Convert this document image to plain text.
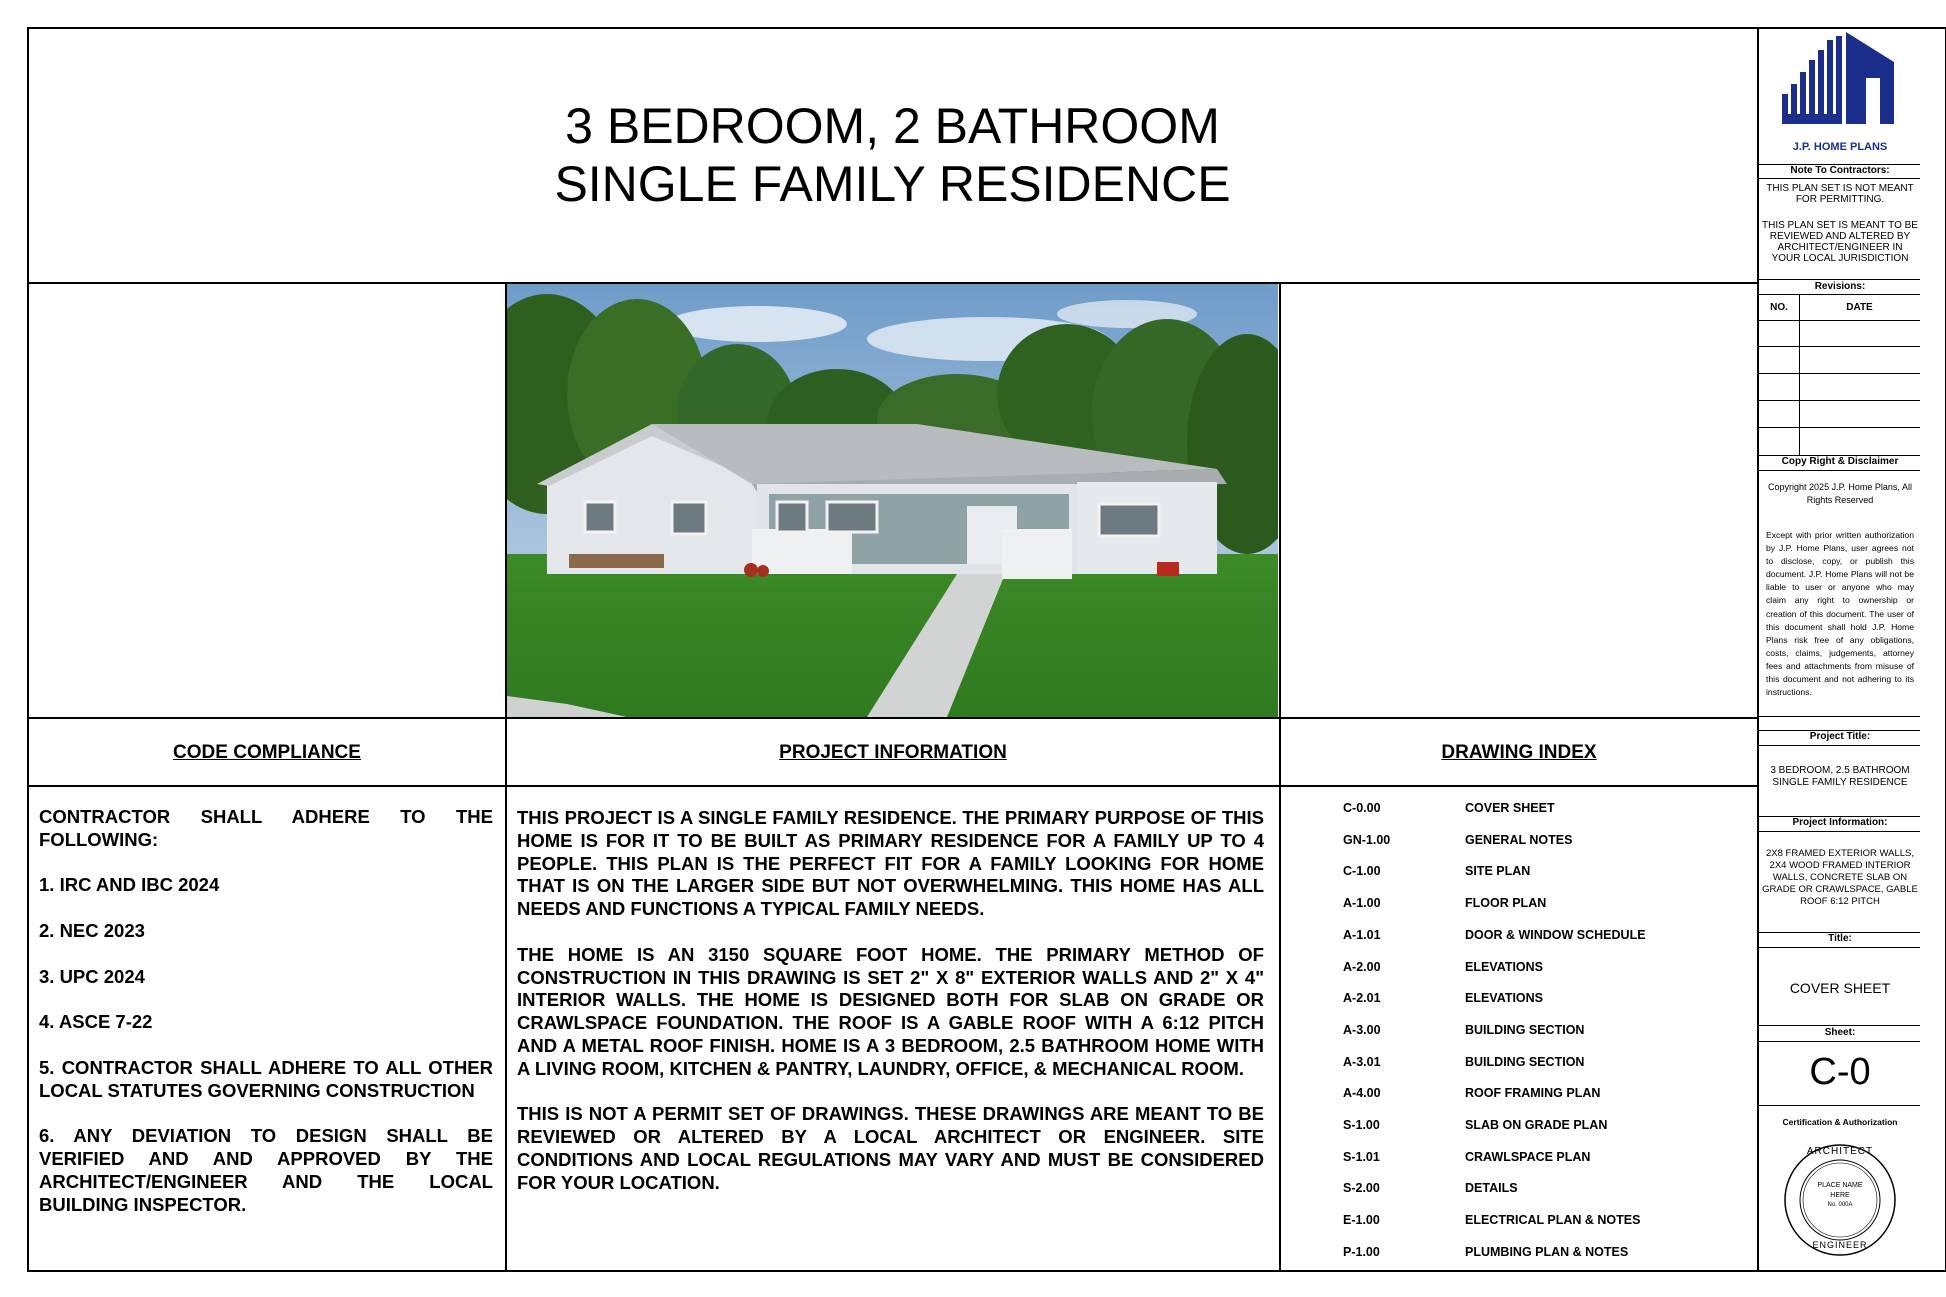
3 BEDROOM, 2 BATHROOM
SINGLE FAMILY RESIDENCE
CODE COMPLIANCE	PROJECT INFORMATION	DRAWING INDEX

CONTRACTOR SHALL ADHERE TO THE FOLLOWING:

1. IRC AND IBC 2024

2. NEC 2023

3. UPC 2024

4. ASCE 7-22

5. CONTRACTOR SHALL ADHERE TO ALL OTHER LOCAL STATUTES GOVERNING CONSTRUCTION

6. ANY DEVIATION TO DESIGN SHALL BE VERIFIED AND AND APPROVED BY THE ARCHITECT/ENGINEER AND THE LOCAL BUILDING INSPECTOR.

THIS PROJECT IS A SINGLE FAMILY RESIDENCE. THE PRIMARY PURPOSE OF THIS HOME IS FOR IT TO BE BUILT AS PRIMARY RESIDENCE FOR A FAMILY UP TO 4 PEOPLE. THIS PLAN IS THE PERFECT FIT FOR A FAMILY LOOKING FOR HOME THAT IS ON THE LARGER SIDE BUT NOT OVERWHELMING. THIS HOME HAS ALL NEEDS AND FUNCTIONS A TYPICAL FAMILY NEEDS.

THE HOME IS AN 3150 SQUARE FOOT HOME. THE PRIMARY METHOD OF CONSTRUCTION IN THIS DRAWING IS SET 2" X 8" EXTERIOR WALLS AND 2" X 4" INTERIOR WALLS. THE HOME IS DESIGNED BOTH FOR SLAB ON GRADE OR CRAWLSPACE FOUNDATION. THE ROOF IS A GABLE ROOF WITH A 6:12 PITCH AND A METAL ROOF FINISH. HOME IS A 3 BEDROOM, 2.5 BATHROOM HOME WITH A LIVING ROOM, KITCHEN & PANTRY, LAUNDRY, OFFICE, & MECHANICAL ROOM.

THIS IS NOT A PERMIT SET OF DRAWINGS. THESE DRAWINGS ARE MEANT TO BE REVIEWED OR ALTERED BY A LOCAL ARCHITECT OR ENGINEER. SITE CONDITIONS AND LOCAL REGULATIONS MAY VARY AND MUST BE CONSIDERED FOR YOUR LOCATION.

C-0.00	COVER SHEET
GN-1.00	GENERAL NOTES
C-1.00	SITE PLAN
A-1.00	FLOOR PLAN
A-1.01	DOOR & WINDOW SCHEDULE
A-2.00	ELEVATIONS
A-2.01	ELEVATIONS
A-3.00	BUILDING SECTION
A-3.01	BUILDING SECTION
A-4.00	ROOF FRAMING PLAN
S-1.00	SLAB ON GRADE PLAN
S-1.01	CRAWLSPACE PLAN
S-2.00	DETAILS
E-1.00	ELECTRICAL PLAN & NOTES
P-1.00	PLUMBING PLAN & NOTES
J.P. HOME PLANS
Note To Contractors:
THIS PLAN SET IS NOT MEANT FOR PERMITTING.
THIS PLAN SET IS MEANT TO BE REVIEWED AND ALTERED BY ARCHITECT/ENGINEER IN YOUR LOCAL JURISDICTION
Revisions:
NO.	DATE
Copy Right & Disclaimer
Copyright 2025 J.P. Home Plans, All Rights Reserved
Except with prior written authorization by J.P. Home Plans, user agrees not to disclose, copy, or publish this document. J.P. Home Plans will not be liable to user or anyone who may claim any right to ownership or creation of this document. The user of this document shall hold J.P. Home Plans risk free of any obligations, costs, claims, judgements, attorney fees and attachments from misuse of this document and not adhering to its instructions.
Project Title:
3 BEDROOM, 2.5 BATHROOM SINGLE FAMILY RESIDENCE
Project Information:
2X8 FRAMED EXTERIOR WALLS, 2X4 WOOD FRAMED INTERIOR WALLS, CONCRETE SLAB ON GRADE OR CRAWLSPACE, GABLE ROOF 6:12 PITCH
Title:
COVER SHEET
Sheet:
C-0
Certification & Authorization
ARCHITECT
ENGINEER
PLACE NAME
HERE
No. 000A
